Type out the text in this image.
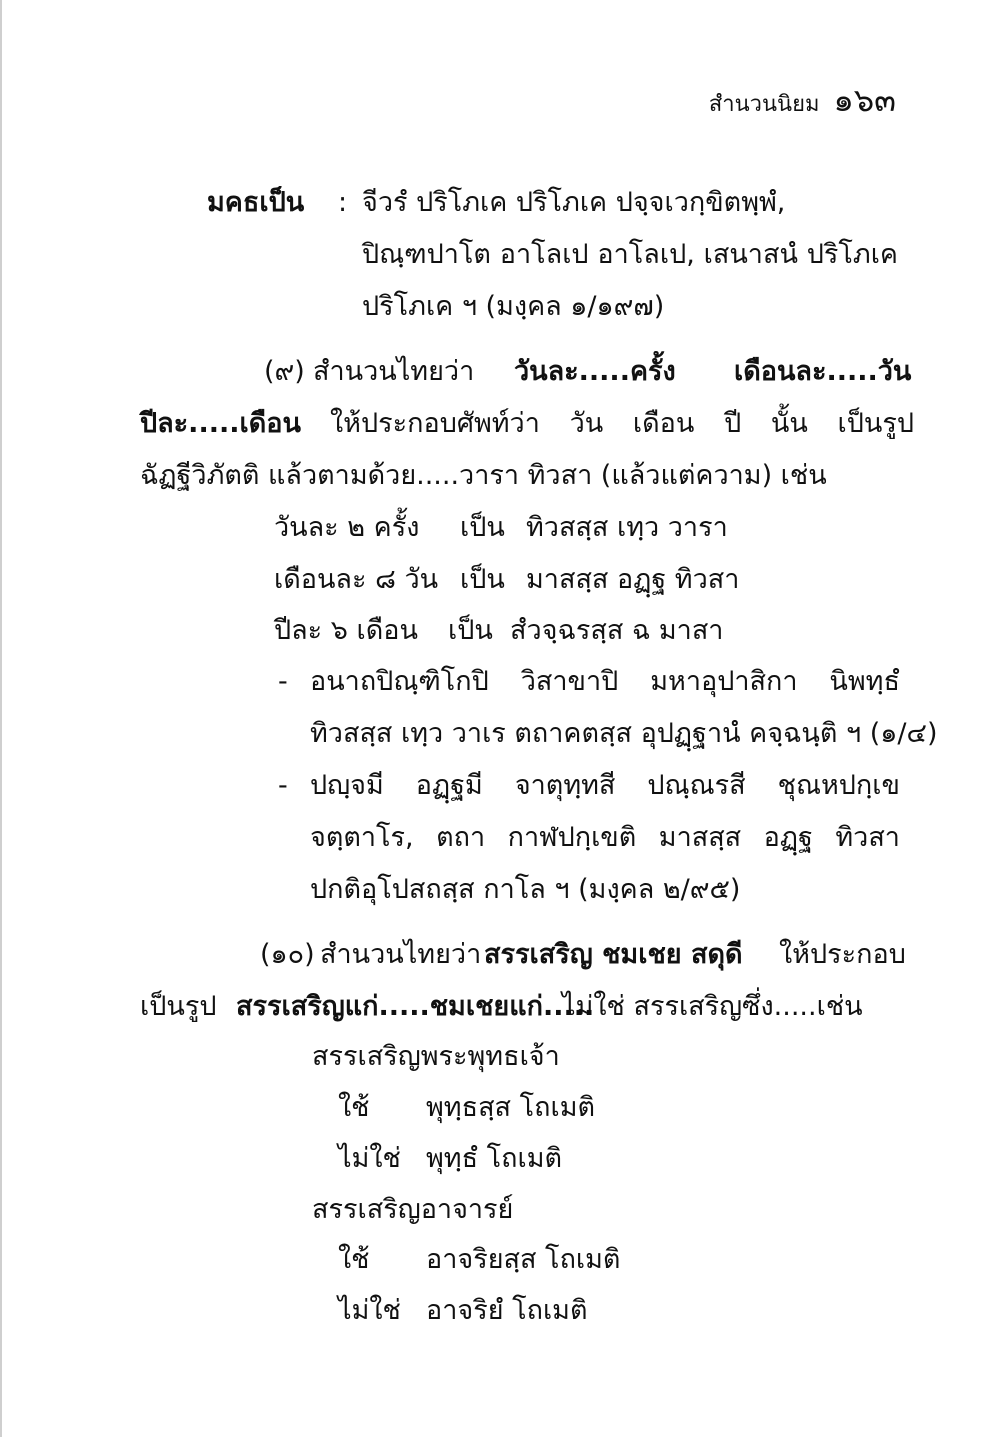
สำนวนนิยม ๑๖๓
มคธเป็น : จีวรํ ปริโภเค ปริโภเค ปจฺจเวกฺขิตพฺพํ,
ปิณฺฑปาโต อาโลเป อาโลเป, เสนาสนํ ปริโภเค
ปริโภเค ฯ (มงฺคล ๑/๑๙๗)
(๙) สำนวนไทยว่า วันละ.....ครั้ง เดือนละ.....วัน
ปีละ.....เดือน ให้ประกอบศัพท์ว่า วัน เดือน ปี นั้น เป็นรูป
ฉัฏฐีวิภัตติ แล้วตามด้วย.....วารา ทิวสา (แล้วแต่ความ) เช่น
วันละ ๒ ครั้ง เป็น ทิวสสฺส เทฺว วารา
เดือนละ ๘ วัน เป็น มาสสฺส อฏฺฐ ทิวสา
ปีละ ๖ เดือน เป็น สํวจฺฉรสฺส ฉ มาสา
- อนาถปิณฺฑิโกปิ วิสาขาปิ มหาอุปาสิกา นิพทฺธํ
ทิวสสฺส เทฺว วาเร ตถาคตสฺส อุปฏฺฐานํ คจฺฉนฺติ ฯ (๑/๔)
- ปญฺจมี อฏฺฐมี จาตุทฺทสี ปณฺณรสี ชุณหปกฺเข
จตฺตาโร, ตถา กาฬปกฺเขติ มาสสฺส อฏฺฐ ทิวสา
ปกติอุโปสถสฺส กาโล ฯ (มงฺคล ๒/๙๕)
(๑๐) สำนวนไทยว่า สรรเสริญ ชมเชย สดุดี ให้ประกอบ
เป็นรูป สรรเสริญแก่.....ชมเชยแก่.....
ไม่ใช่ สรรเสริญซึ่ง.....เช่น
สรรเสริญพระพุทธเจ้า
ใช้ พุทฺธสฺส โถเมติ
ไม่ใช่ พุทฺธํ โถเมติ
สรรเสริญอาจารย์
ใช้ อาจริยสฺส โถเมติ
ไม่ใช่ อาจริยํ โถเมติ
